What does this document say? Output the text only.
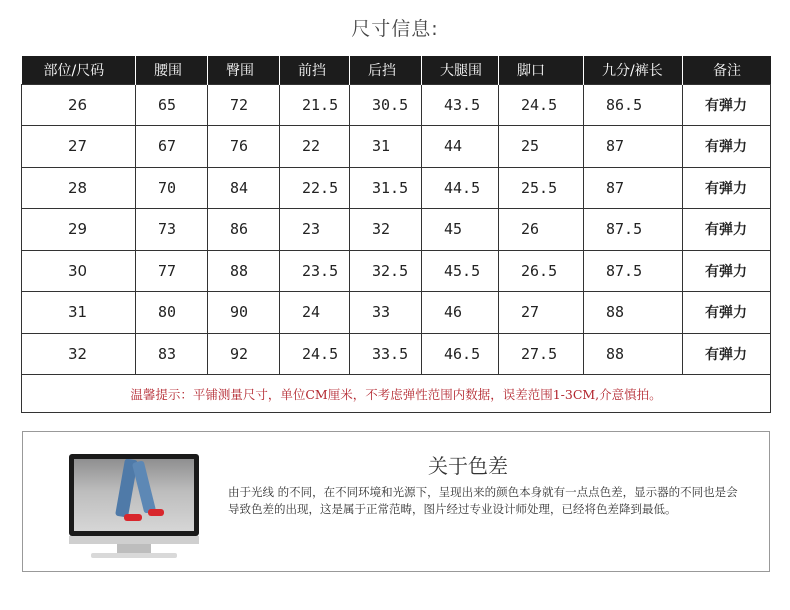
尺寸信息:
部位/尺码	腰围	臀围	前挡	后挡	大腿围	脚口	九分/裤长	备注
26	65	72	21.5	30.5	43.5	24.5	86.5	有弹力
27	67	76	22	31	44	25	87	有弹力
28	70	84	22.5	31.5	44.5	25.5	87	有弹力
29	73	86	23	32	45	26	87.5	有弹力
30	77	88	23.5	32.5	45.5	26.5	87.5	有弹力
31	80	90	24	33	46	27	88	有弹力
32	83	92	24.5	33.5	46.5	27.5	88	有弹力
温馨提示：平铺测量尺寸，单位CM厘米，不考虑弹性范围内数据，误差范围1-3CM,介意慎拍。								
关于色差
由于光线 的不同，在不同环境和光源下，呈现出来的颜色本身就有一点点色差，显示器的不同也是会导致色差的出现，这是属于正常范畴，图片经过专业设计师处理，已经将色差降到最低。
